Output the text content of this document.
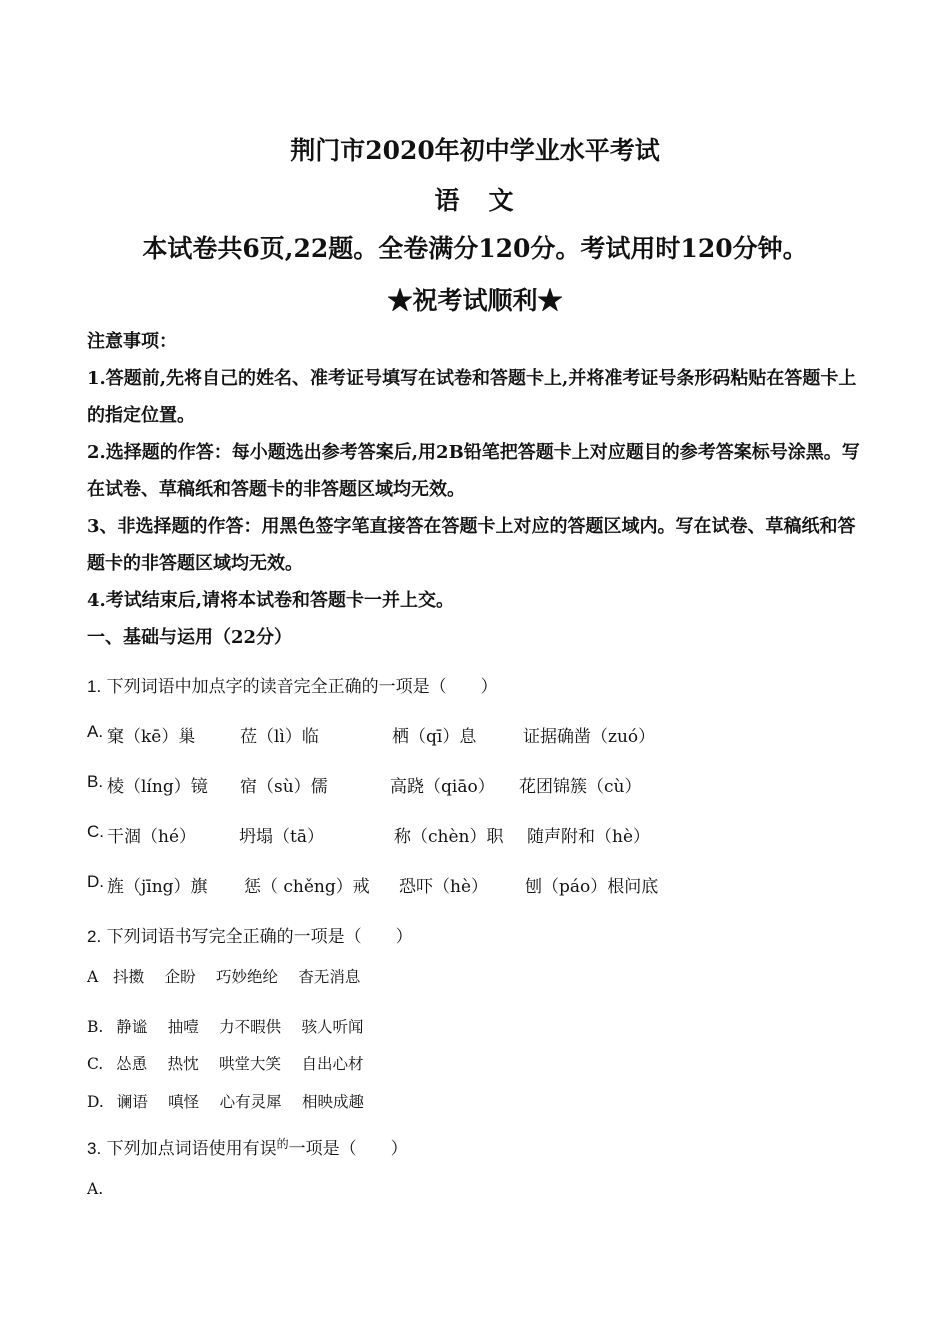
荆门市2020年初中学业水平考试
语　文
本试卷共6页,22题。全卷满分120分。考试用时120分钟。
★祝考试顺利★
注意事项：
1.答题前,先将自己的姓名、准考证号填写在试卷和答题卡上,并将准考证号条形码粘贴在答题卡上的指定位置。
2.选择题的作答：每小题选出参考答案后,用2B铅笔把答题卡上对应题目的参考答案标号涂黑。写在试卷、草稿纸和答题卡的非答题区域均无效。
3、非选择题的作答：用黑色签字笔直接答在答题卡上对应的答题区域内。写在试卷、草稿纸和答题卡的非答题区域均无效。
4.考试结束后,请将本试卷和答题卡一并上交。
一、基础与运用（22分）
1. 下列词语中加点字的读音完全正确的一项是（　　）
A. 窠（kē）巢	莅（lì）临	栖（qī）息	证据确凿（zuó）
B. 棱（líng）镜 宿（sù）儒	高跷（qiāo） 花团锦簇（cù）
C. 干涸（hé）	坍塌（tā）	称（chèn）职 随声附和（hè）
D. 旌（jīng）旗 惩（ chěng）戒 恐吓（hè） 刨（páo）根问底
2. 下列词语书写完全正确的一项是（　　）
A 抖擞　 企盼　 巧妙绝纶　 杳无消息
B. 静谧　 抽噎　 力不暇供　 骇人听闻
C. 怂恿　 热忱　 哄堂大笑　 自出心材
D. 谰语　 嗔怪　 心有灵犀　 相映成趣
3. 下列加点词语使用有误$^的$一项是（　　）
A.
